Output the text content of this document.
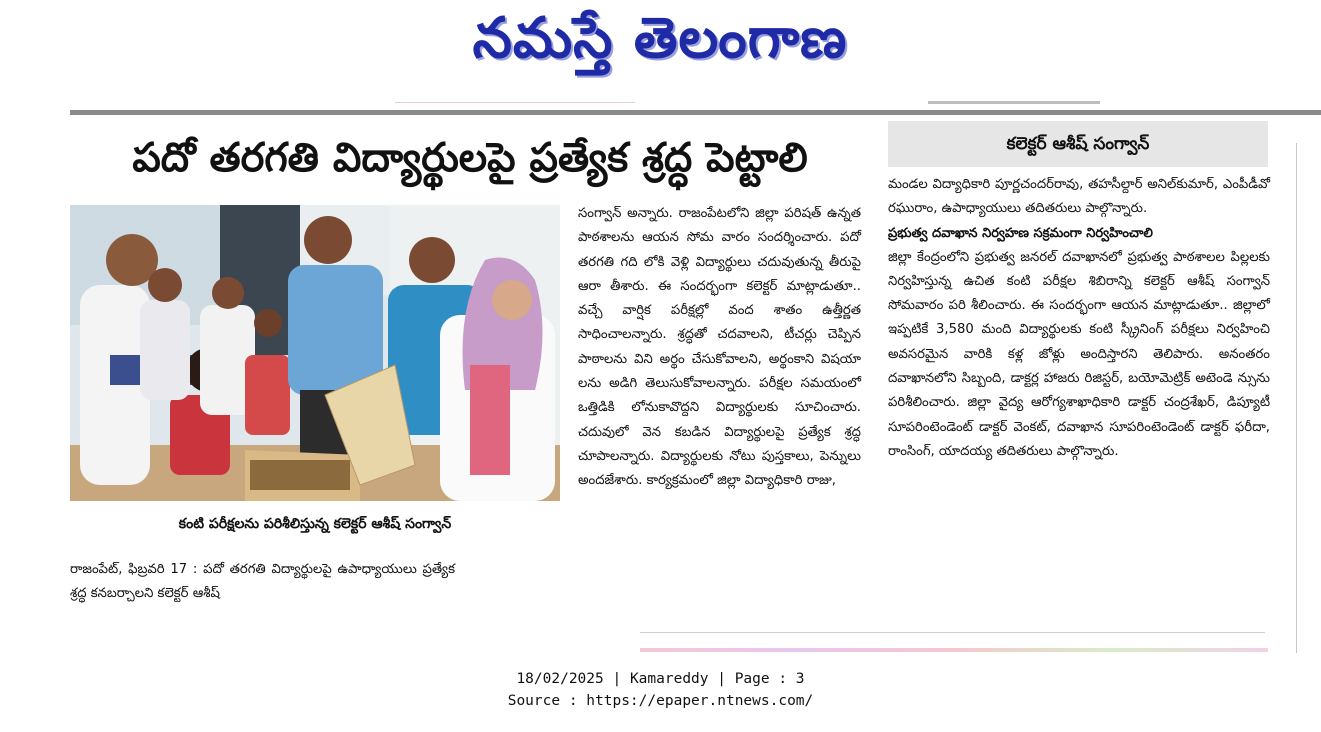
నమస్తే తెలంగాణ
పదో తరగతి విద్యార్థులపై ప్రత్యేక శ్రద్ధ పెట్టాలి	కలెక్టర్ ఆశీష్ సంగ్వాన్
కంటి పరీక్షలను పరిశీలిస్తున్న కలెక్టర్ ఆశీష్ సంగ్వాన్

రాజంపేట్, ఫిబ్రవరి 17 : పదో తరగతి విద్యార్థులపై ఉపాధ్యాయులు ప్రత్యేక శ్రద్ధ కనబర్చాలని కలెక్టర్ ఆశీష్

సంగ్వాన్ అన్నారు. రాజంపేటలోని జిల్లా పరిషత్ ఉన్నత పాఠశాలను ఆయన సోమ వారం సందర్శించారు. పదో తరగతి గది లోకి వెళ్లి విద్యార్థులు చదువుతున్న తీరుపై ఆరా తీశారు. ఈ సందర్భంగా కలెక్టర్ మాట్లాడుతూ.. వచ్చే వార్షిక పరీక్షల్లో వంద శాతం ఉత్తీర్ణత సాధించాలన్నారు. శ్రద్ధతో చదవాలని, టీచర్లు చెప్పిన పాఠాలను విని అర్థం చేసుకోవాలని, అర్థంకాని విషయా లను అడిగి తెలుసుకోవాలన్నారు. పరీక్షల సమయంలో ఒత్తిడికి లోనుకావొద్దని విద్యార్థులకు సూచించారు. చదువులో వెన కబడిన విద్యార్థులపై ప్రత్యేక శ్రద్ధ చూపాలన్నారు. విద్యార్థులకు నోటు పుస్తకాలు, పెన్నులు అందజేశారు. కార్యక్రమంలో జిల్లా విద్యాధికారి రాజు,

మండల విద్యాధికారి పూర్ణచందర్‌రావు, తహసీల్దార్ అనిల్‌కుమార్, ఎంపీడీవో రఘురాం, ఉపాధ్యాయులు తదితరులు పాల్గొన్నారు.

ప్రభుత్వ దవాఖాన నిర్వహణ సక్రమంగా నిర్వహించాలి

జిల్లా కేంద్రంలోని ప్రభుత్వ జనరల్ దవాఖానలో ప్రభుత్వ పాఠశాలల పిల్లలకు నిర్వహిస్తున్న ఉచిత కంటి పరీక్షల శిబిరాన్ని కలెక్టర్ ఆశీష్ సంగ్వాన్ సోమవారం పరి శీలించారు. ఈ సందర్భంగా ఆయన మాట్లాడుతూ.. జిల్లాలో ఇప్పటికే 3,580 మంది విద్యార్థులకు కంటి స్క్రీనింగ్ పరీక్షలు నిర్వహించి అవసరమైన వారికి కళ్ల జోళ్లు అందిస్తారని తెలిపారు. అనంతరం దవాఖానలోని సిబ్బంది, డాక్టర్ల హాజరు రిజిస్టర్, బయోమెట్రిక్ అటెండె న్సును పరిశీలించారు. జిల్లా వైద్య ఆరోగ్యశాఖాధికారి డాక్టర్ చంద్రశేఖర్, డిప్యూటీ సూపరింటెండెంట్ డాక్టర్ వెంకట్, దవాఖాన సూపరింటెండెంట్ డాక్టర్ ఫరీదా, రాంసింగ్, యాదయ్య తదితరులు పాల్గొన్నారు.

18/02/2025 | Kamareddy | Page : 3
Source : https://epaper.ntnews.com/
